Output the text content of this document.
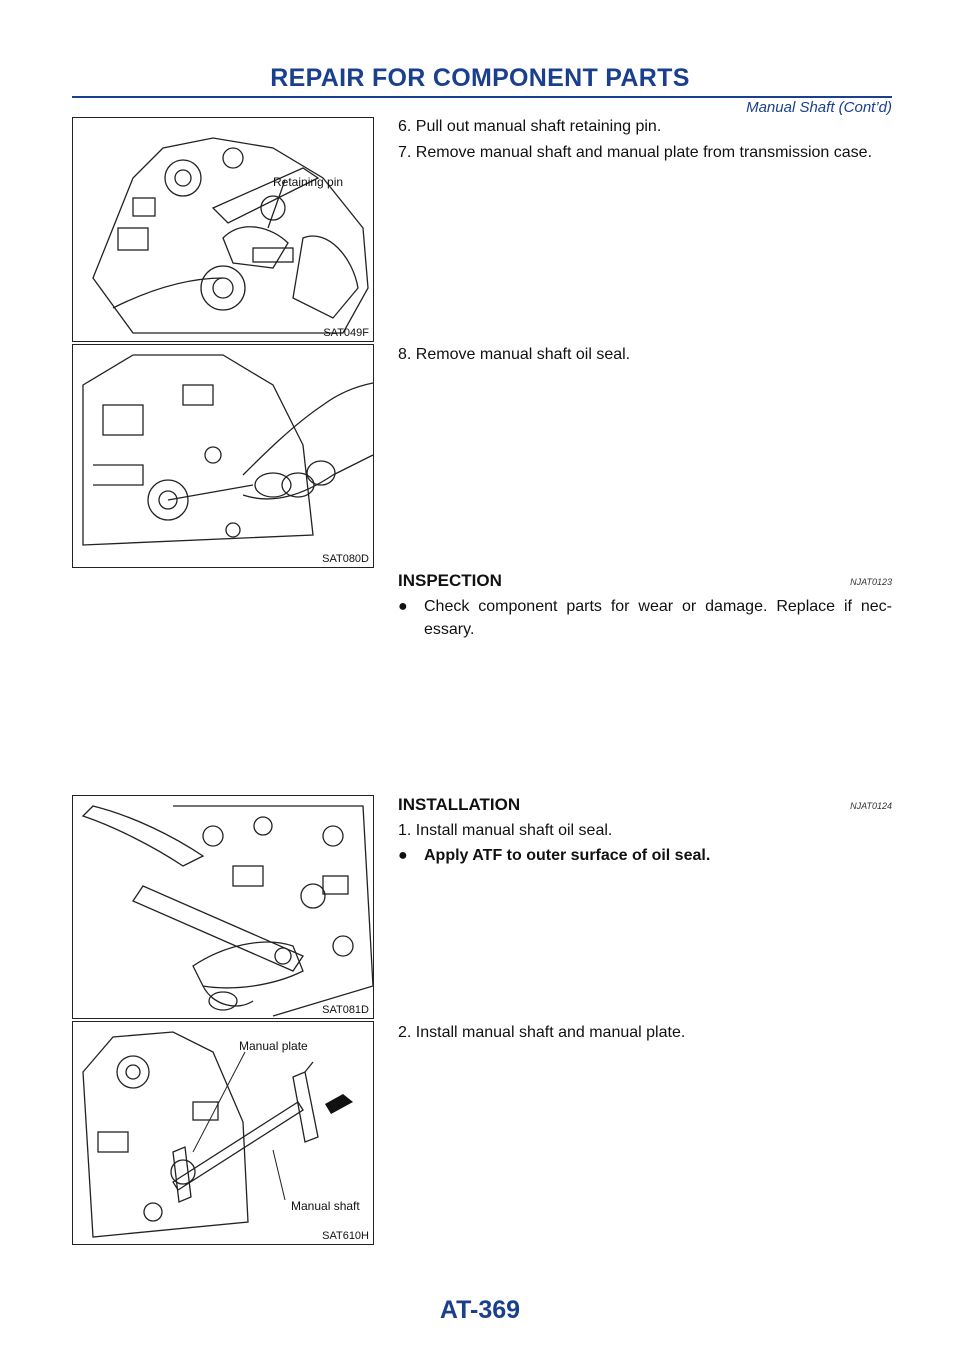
REPAIR FOR COMPONENT PARTS
Manual Shaft (Cont’d)
Retaining pin
SAT049F
SAT080D
SAT081D
Manual plate
Manual shaft
SAT610H
6. Pull out manual shaft retaining pin.
7. Remove manual shaft and manual plate from transmission case.
8. Remove manual shaft oil seal.
INSPECTION	NJAT0123
●	Check component parts for wear or damage. Replace if nec-essary.
INSTALLATION	NJAT0124
1. Install manual shaft oil seal.
●	Apply ATF to outer surface of oil seal.
2. Install manual shaft and manual plate.
AT-369
